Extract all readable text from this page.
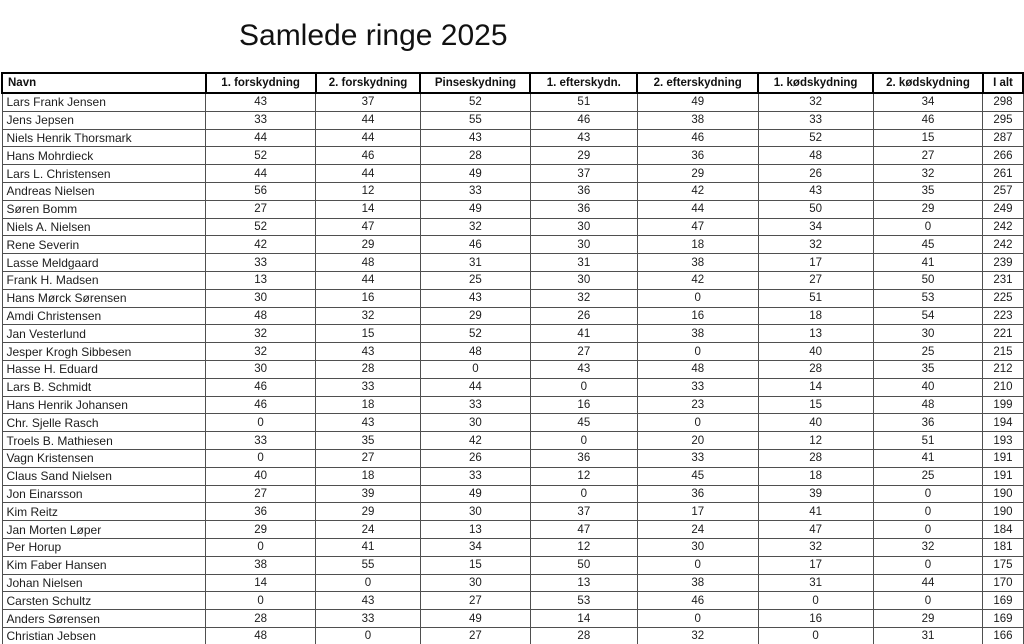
Samlede ringe 2025
Navn	1. forskydning	2. forskydning	Pinseskydning	1. efterskydn.	2. efterskydning	1. kødskydning	2. kødskydning	I alt
Lars Frank Jensen	43	37	52	51	49	32	34	298
Jens Jepsen	33	44	55	46	38	33	46	295
Niels Henrik Thorsmark	44	44	43	43	46	52	15	287
Hans Mohrdieck	52	46	28	29	36	48	27	266
Lars L. Christensen	44	44	49	37	29	26	32	261
Andreas Nielsen	56	12	33	36	42	43	35	257
Søren Bomm	27	14	49	36	44	50	29	249
Niels A. Nielsen	52	47	32	30	47	34	0	242
Rene Severin	42	29	46	30	18	32	45	242
Lasse Meldgaard	33	48	31	31	38	17	41	239
Frank H. Madsen	13	44	25	30	42	27	50	231
Hans Mørck Sørensen	30	16	43	32	0	51	53	225
Amdi Christensen	48	32	29	26	16	18	54	223
Jan Vesterlund	32	15	52	41	38	13	30	221
Jesper Krogh Sibbesen	32	43	48	27	0	40	25	215
Hasse H. Eduard	30	28	0	43	48	28	35	212
Lars B. Schmidt	46	33	44	0	33	14	40	210
Hans Henrik Johansen	46	18	33	16	23	15	48	199
Chr. Sjelle Rasch	0	43	30	45	0	40	36	194
Troels B. Mathiesen	33	35	42	0	20	12	51	193
Vagn Kristensen	0	27	26	36	33	28	41	191
Claus Sand Nielsen	40	18	33	12	45	18	25	191
Jon Einarsson	27	39	49	0	36	39	0	190
Kim Reitz	36	29	30	37	17	41	0	190
Jan Morten Løper	29	24	13	47	24	47	0	184
Per Horup	0	41	34	12	30	32	32	181
Kim Faber Hansen	38	55	15	50	0	17	0	175
Johan Nielsen	14	0	30	13	38	31	44	170
Carsten Schultz	0	43	27	53	46	0	0	169
Anders Sørensen	28	33	49	14	0	16	29	169
Christian Jebsen	48	0	27	28	32	0	31	166
